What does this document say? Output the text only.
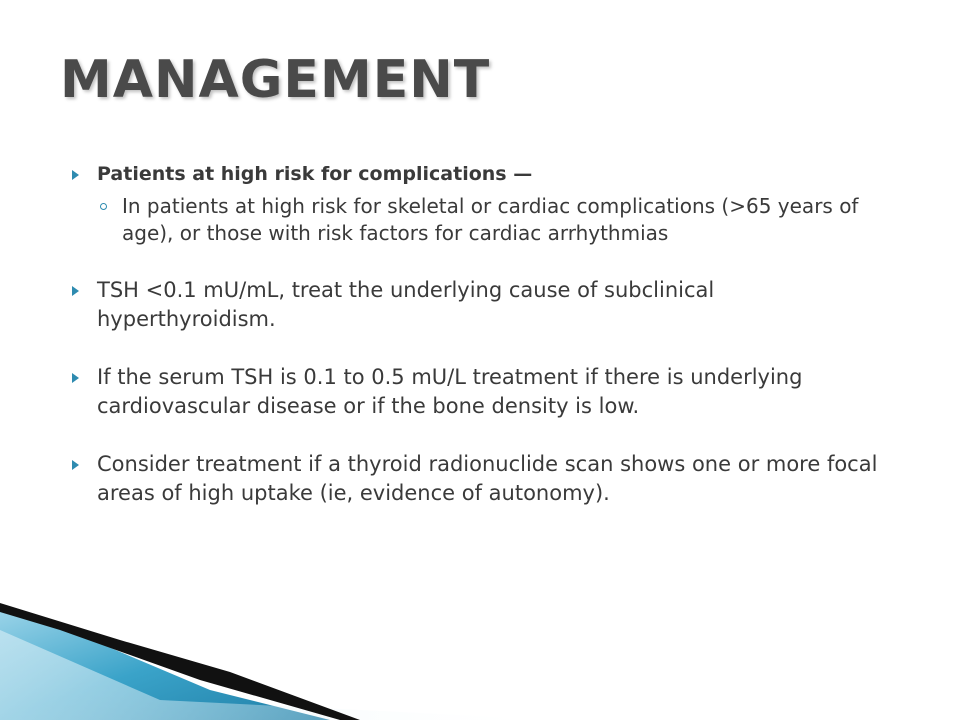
MANAGEMENT

Patients at high risk for complications —

In patients at high risk for skeletal or cardiac complications (>65 years of age), or those with risk factors for cardiac arrhythmias

TSH <0.1 mU/mL, treat the underlying cause of subclinical hyperthyroidism.

If the serum TSH is 0.1 to 0.5 mU/L treatment if there is underlying cardiovascular disease or if the bone density is low.

Consider treatment if a thyroid radionuclide scan shows one or more focal areas of high uptake (ie, evidence of autonomy).
